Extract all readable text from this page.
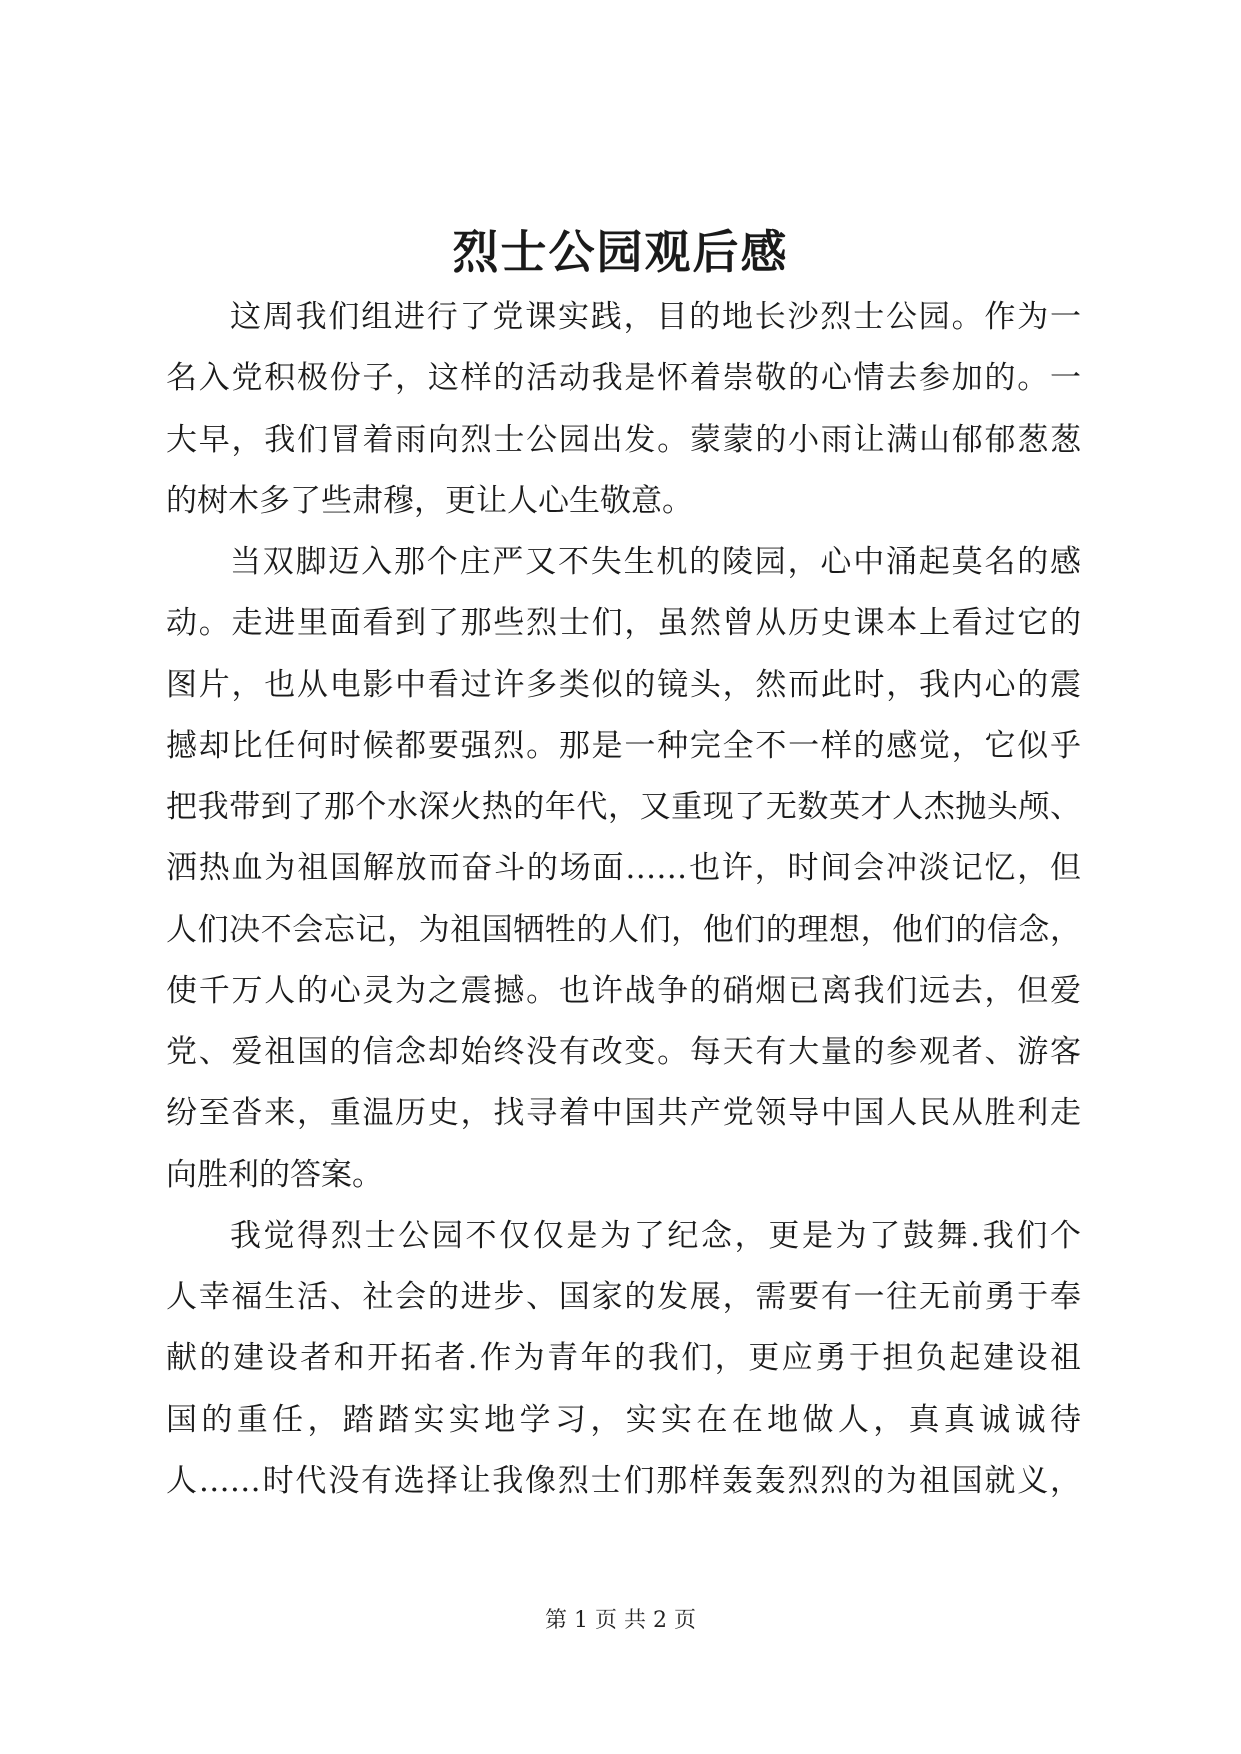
烈士公园观后感
这周我们组进行了党课实践，目的地长沙烈士公园。作为一
名入党积极份子，这样的活动我是怀着崇敬的心情去参加的。一
大早，我们冒着雨向烈士公园出发。蒙蒙的小雨让满山郁郁葱葱
的树木多了些肃穆，更让人心生敬意。
当双脚迈入那个庄严又不失生机的陵园，心中涌起莫名的感
动。走进里面看到了那些烈士们，虽然曾从历史课本上看过它的
图片，也从电影中看过许多类似的镜头，然而此时，我内心的震
撼却比任何时候都要强烈。那是一种完全不一样的感觉，它似乎
把我带到了那个水深火热的年代，又重现了无数英才人杰抛头颅、
洒热血为祖国解放而奋斗的场面……也许，时间会冲淡记忆，但
人们决不会忘记，为祖国牺牲的人们，他们的理想，他们的信念，
使千万人的心灵为之震撼。也许战争的硝烟已离我们远去，但爱
党、爱祖国的信念却始终没有改变。每天有大量的参观者、游客
纷至沓来，重温历史，找寻着中国共产党领导中国人民从胜利走
向胜利的答案。
我觉得烈士公园不仅仅是为了纪念，更是为了鼓舞.我们个
人幸福生活、社会的进步、国家的发展，需要有一往无前勇于奉
献的建设者和开拓者.作为青年的我们，更应勇于担负起建设祖
国的重任，踏踏实实地学习，实实在在地做人，真真诚诚待
人……时代没有选择让我像烈士们那样轰轰烈烈的为祖国就义，
第 1 页 共 2 页
